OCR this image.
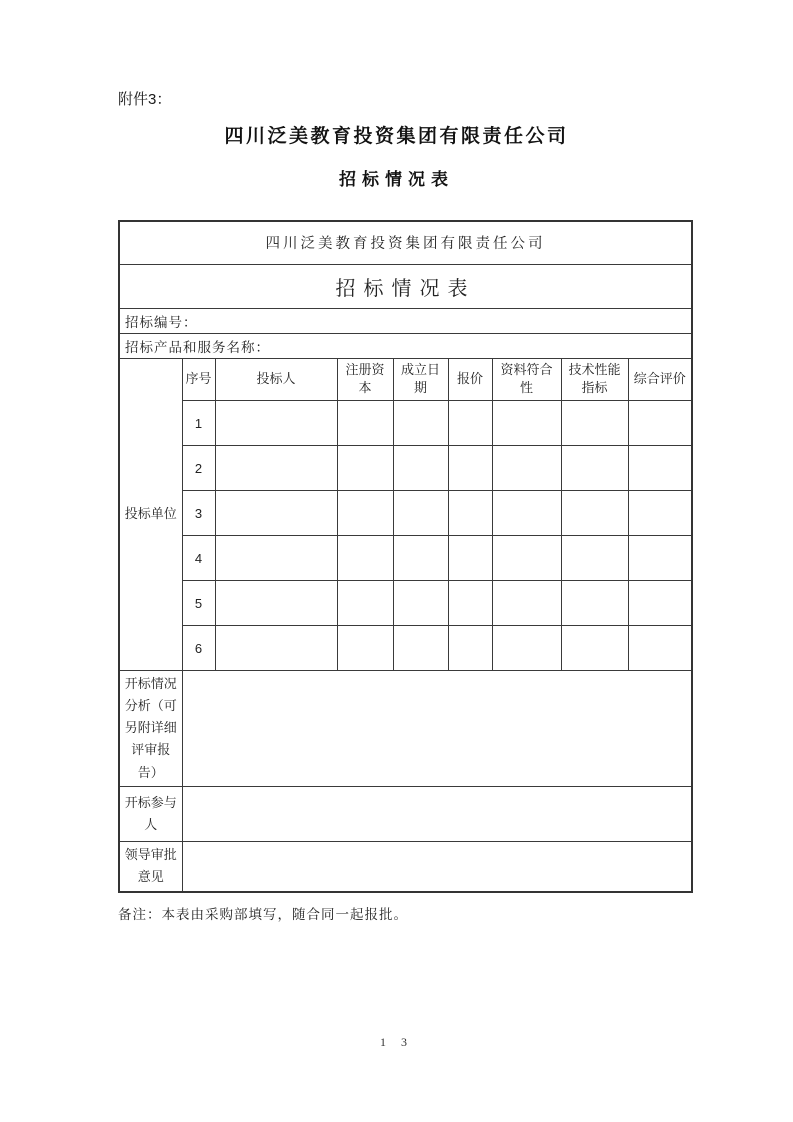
附件3：
四川泛美教育投资集团有限责任公司
招标情况表
四川泛美教育投资集团有限责任公司								
招标情况表								
招标编号：								
招标产品和服务名称：								
投标单位	序号	投标人	注册资本	成立日期	报价	资料符合性	技术性能指标	综合评价
	1							
	2							
	3							
	4							
	5							
	6							
开标情况分析（可另附详细评审报告）								
开标参与人								
领导审批意见								
备注：本表由采购部填写，随合同一起报批。
1 3
